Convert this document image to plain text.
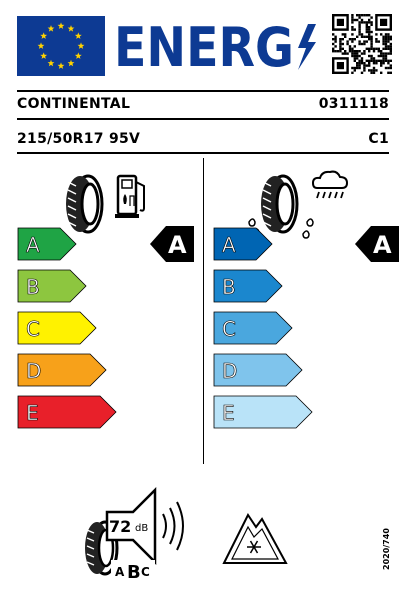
ENERG
CONTINENTAL	0311118
215/50R17 95V	C1
A
B
C
D
E
A A
B
C
D
E
A
72 dB
A B C
2020/740
